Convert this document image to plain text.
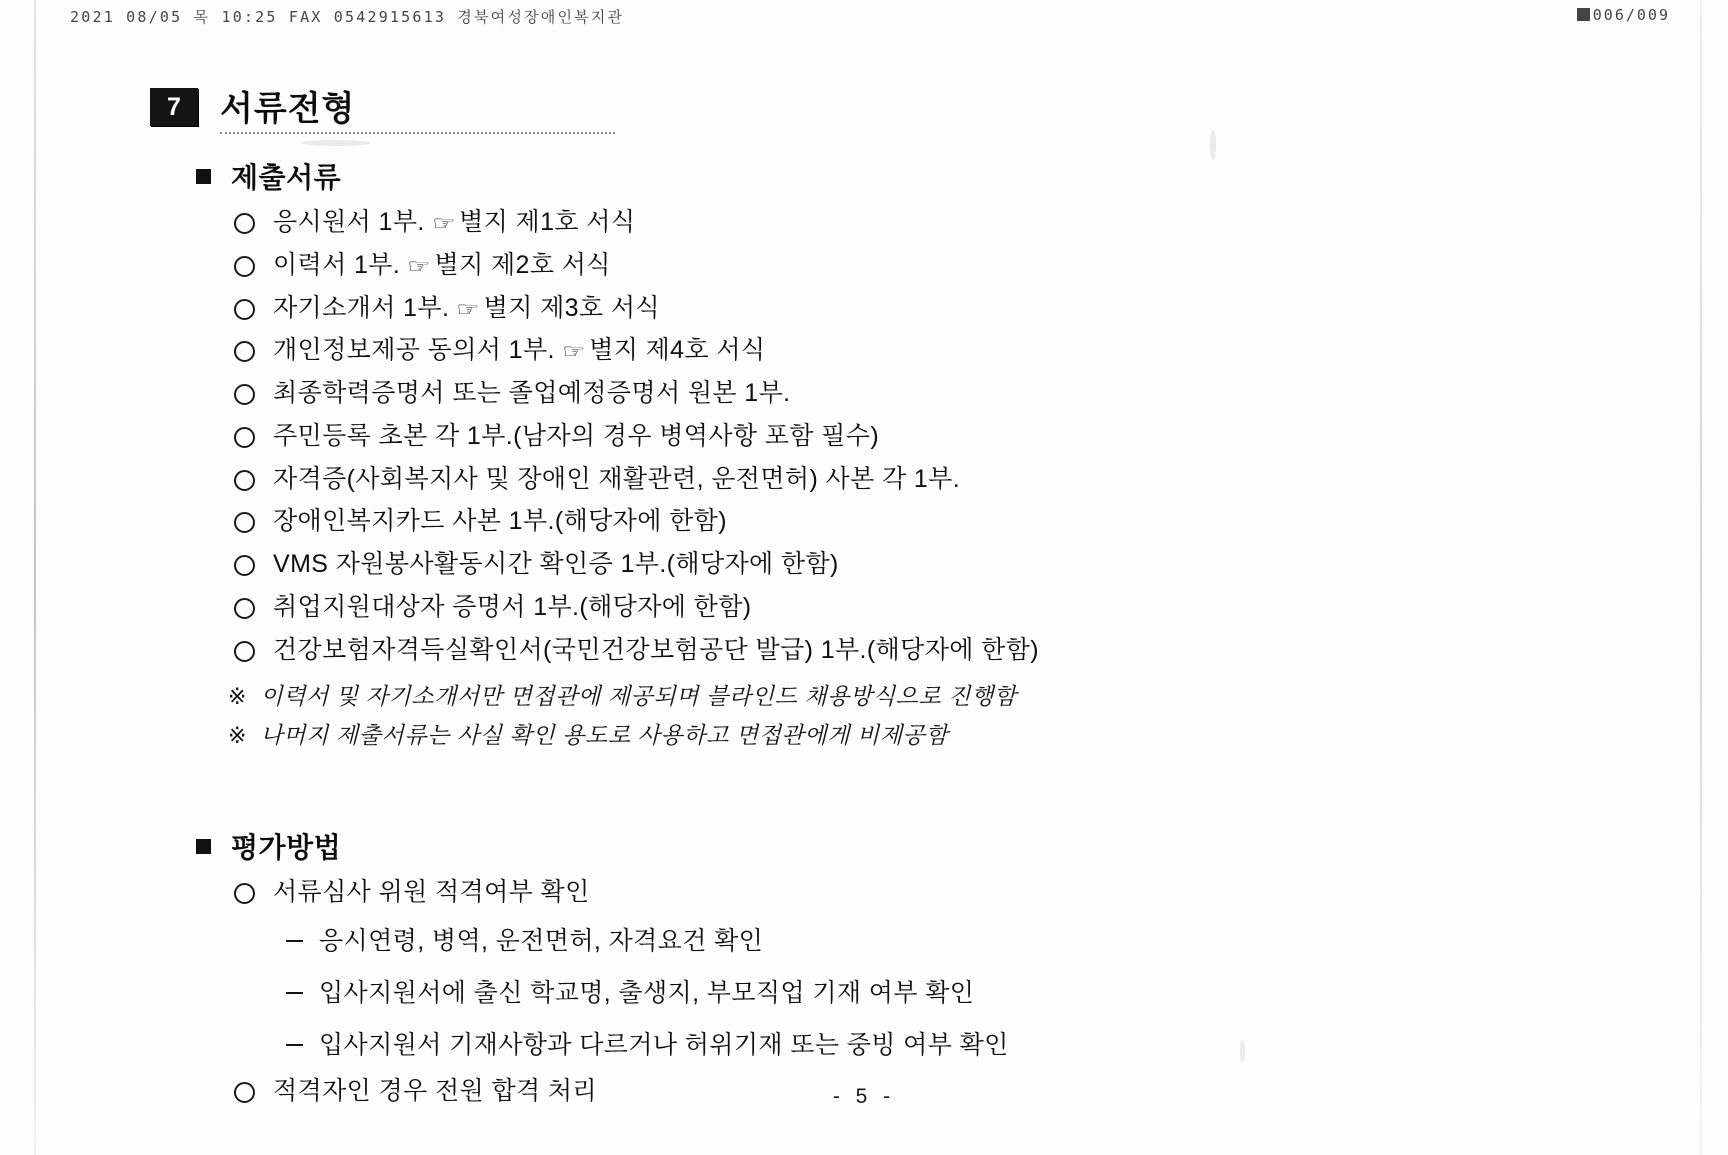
2021 08/05 목 10:25 FAX 0542915613 경북여성장애인복지관	006/009
7	서류전형
제출서류
응시원서 1부. ☞ 별지 제1호 서식
이력서 1부. ☞ 별지 제2호 서식
자기소개서 1부. ☞ 별지 제3호 서식
개인정보제공 동의서 1부. ☞ 별지 제4호 서식
최종학력증명서 또는 졸업예정증명서 원본 1부.
주민등록 초본 각 1부.(남자의 경우 병역사항 포함 필수)
자격증(사회복지사 및 장애인 재활관련, 운전면허) 사본 각 1부.
장애인복지카드 사본 1부.(해당자에 한함)
VMS 자원봉사활동시간 확인증 1부.(해당자에 한함)
취업지원대상자 증명서 1부.(해당자에 한함)
건강보험자격득실확인서(국민건강보험공단 발급) 1부.(해당자에 한함)
※ 이력서 및 자기소개서만 면접관에 제공되며 블라인드 채용방식으로 진행함
※ 나머지 제출서류는 사실 확인 용도로 사용하고 면접관에게 비제공함
평가방법
서류심사 위원 적격여부 확인
응시연령, 병역, 운전면허, 자격요건 확인
입사지원서에 출신 학교명, 출생지, 부모직업 기재 여부 확인
입사지원서 기재사항과 다르거나 허위기재 또는 중빙 여부 확인
적격자인 경우 전원 합격 처리	- 5 -
